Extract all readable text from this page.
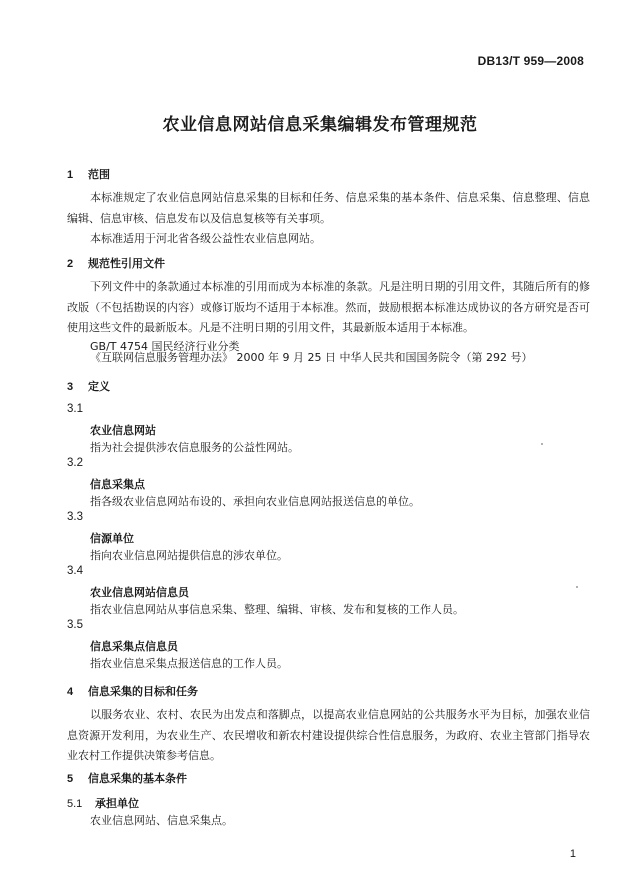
DB13/T 959—2008
农业信息网站信息采集编辑发布管理规范
1 范围
本标准规定了农业信息网站信息采集的目标和任务、信息采集的基本条件、信息采集、信息整理、信息编辑、信息审核、信息发布以及信息复核等有关事项。
本标准适用于河北省各级公益性农业信息网站。
2 规范性引用文件
下列文件中的条款通过本标准的引用而成为本标准的条款。凡是注明日期的引用文件，其随后所有的修改版（不包括勘误的内容）或修订版均不适用于本标准。然而，鼓励根据本标准达成协议的各方研究是否可使用这些文件的最新版本。凡是不注明日期的引用文件，其最新版本适用于本标准。
GB/T 4754 国民经济行业分类
《互联网信息服务管理办法》 2000 年 9 月 25 日 中华人民共和国国务院令（第 292 号）
3 定义
3.1
农业信息网站
指为社会提供涉农信息服务的公益性网站。
3.2
信息采集点
指各级农业信息网站布设的、承担向农业信息网站报送信息的单位。
3.3
信源单位
指向农业信息网站提供信息的涉农单位。
3.4
农业信息网站信息员
指农业信息网站从事信息采集、整理、编辑、审核、发布和复核的工作人员。
3.5
信息采集点信息员
指农业信息采集点报送信息的工作人员。
4 信息采集的目标和任务
以服务农业、农村、农民为出发点和落脚点，以提高农业信息网站的公共服务水平为目标，加强农业信息资源开发利用，为农业生产、农民增收和新农村建设提供综合性信息服务，为政府、农业主管部门指导农业农村工作提供决策参考信息。
5 信息采集的基本条件
5.1 承担单位
农业信息网站、信息采集点。
1
